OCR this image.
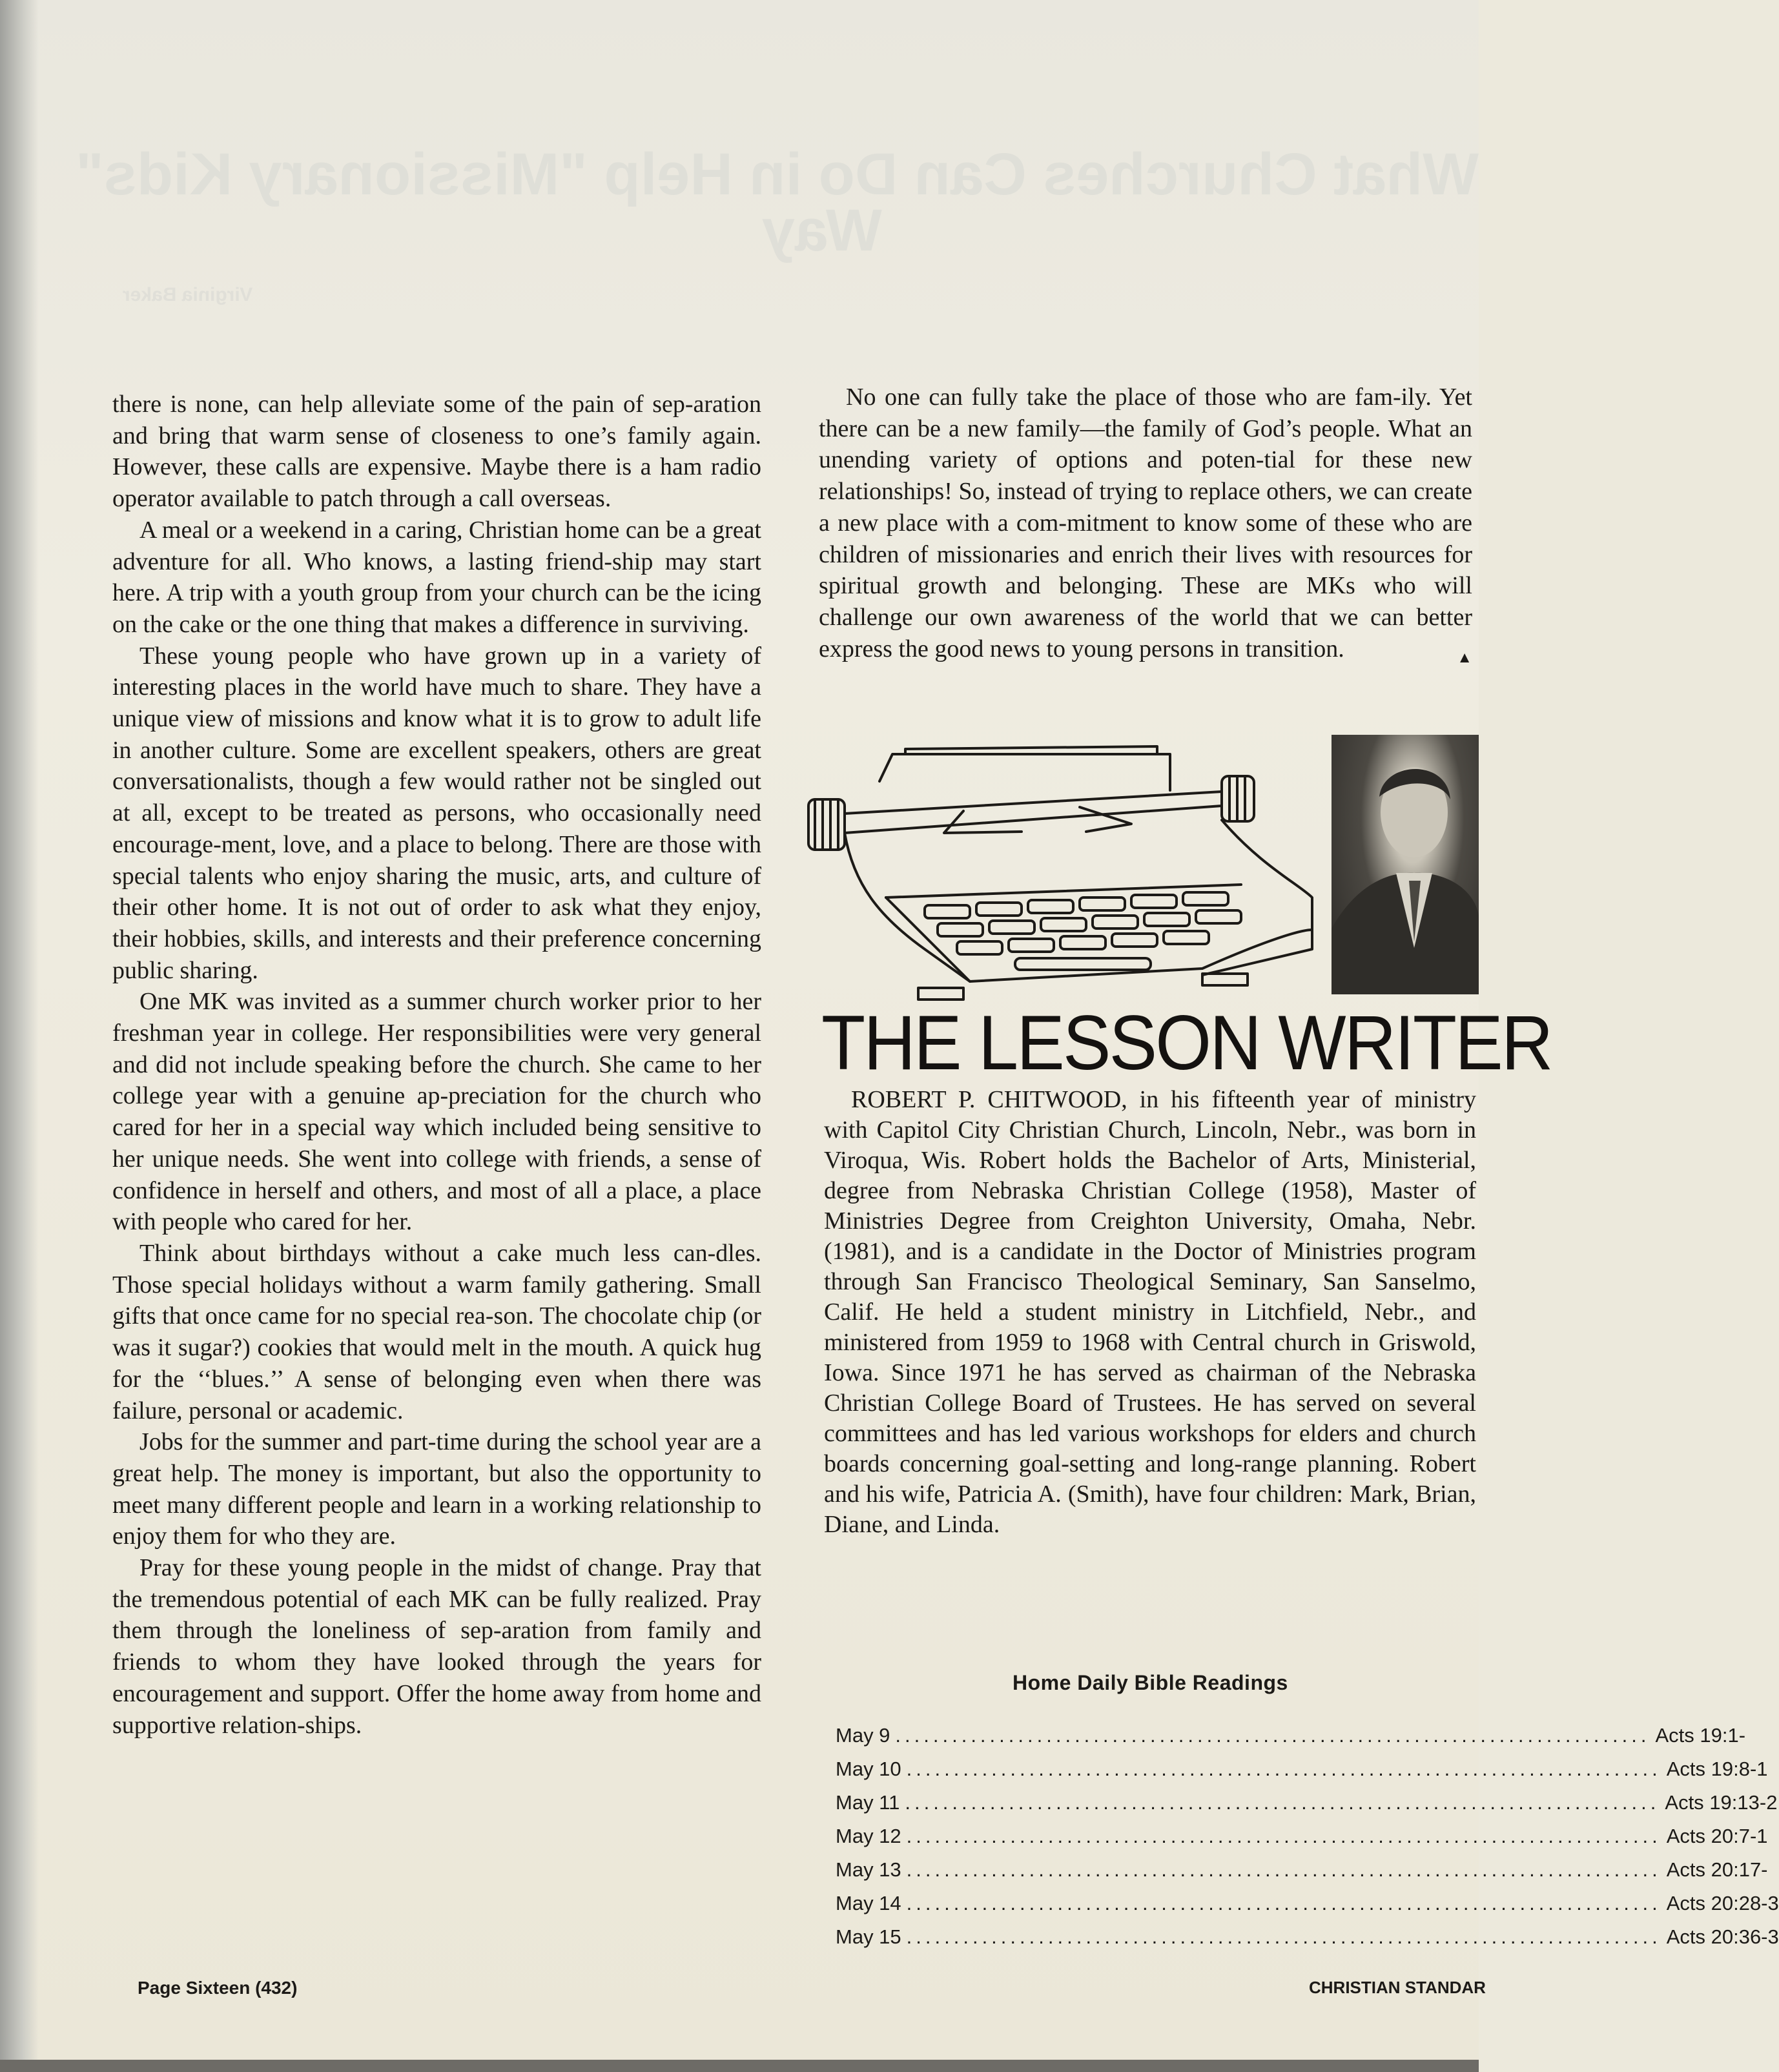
What Churches Can Do in Help "Missionary Kids"
Way
Virginia Baker

there is none, can help alleviate some of the pain of sep-aration and bring that warm sense of closeness to one’s family again. However, these calls are expensive. Maybe there is a ham radio operator available to patch through a call overseas.

A meal or a weekend in a caring, Christian home can be a great adventure for all. Who knows, a lasting friend-ship may start here. A trip with a youth group from your church can be the icing on the cake or the one thing that makes a difference in surviving.

These young people who have grown up in a variety of interesting places in the world have much to share. They have a unique view of missions and know what it is to grow to adult life in another culture. Some are excellent speakers, others are great conversationalists, though a few would rather not be singled out at all, except to be treated as persons, who occasionally need encourage-ment, love, and a place to belong. There are those with special talents who enjoy sharing the music, arts, and culture of their other home. It is not out of order to ask what they enjoy, their hobbies, skills, and interests and their preference concerning public sharing.

One MK was invited as a summer church worker prior to her freshman year in college. Her responsibilities were very general and did not include speaking before the church. She came to her college year with a genuine ap-preciation for the church who cared for her in a special way which included being sensitive to her unique needs. She went into college with friends, a sense of confidence in herself and others, and most of all a place, a place with people who cared for her.

Think about birthdays without a cake much less can-dles. Those special holidays without a warm family gathering. Small gifts that once came for no special rea-son. The chocolate chip (or was it sugar?) cookies that would melt in the mouth. A quick hug for the ‘‘blues.’’ A sense of belonging even when there was failure, personal or academic.

Jobs for the summer and part-time during the school year are a great help. The money is important, but also the opportunity to meet many different people and learn in a working relationship to enjoy them for who they are.

Pray for these young people in the midst of change. Pray that the tremendous potential of each MK can be fully realized. Pray them through the loneliness of sep-aration from family and friends to whom they have looked through the years for encouragement and support. Offer the home away from home and supportive relation-ships.

No one can fully take the place of those who are fam-ily. Yet there can be a new family—the family of God’s people. What an unending variety of options and poten-tial for these new relationships! So, instead of trying to replace others, we can create a new place with a com-mitment to know some of these who are children of missionaries and enrich their lives with resources for spiritual growth and belonging. These are MKs who will challenge our own awareness of the world that we can better express the good news to young persons in transition.	▲

THE LESSON WRITER

ROBERT P. CHITWOOD, in his fifteenth year of ministry with Capitol City Christian Church, Lincoln, Nebr., was born in Viroqua, Wis. Robert holds the Bachelor of Arts, Ministerial, degree from Nebraska Christian College (1958), Master of Ministries Degree from Creighton University, Omaha, Nebr. (1981), and is a candidate in the Doctor of Ministries program through San Francisco Theological Seminary, San Sanselmo, Calif. He held a student ministry in Litchfield, Nebr., and ministered from 1959 to 1968 with Central church in Griswold, Iowa. Since 1971 he has served as chairman of the Nebraska Christian College Board of Trustees. He has served on several committees and has led various workshops for elders and church boards concerning goal-setting and long-range planning. Robert and his wife, Patricia A. (Smith), have four children: Mark, Brian, Diane, and Linda.

Home Daily Bible Readings
May 9 ................................................................................ Acts 19:1-
May 10 ................................................................................ Acts 19:8-1
May 11 ................................................................................ Acts 19:13-2
May 12 ................................................................................ Acts 20:7-1
May 13 ................................................................................ Acts 20:17-
May 14 ................................................................................ Acts 20:28-3
May 15 ................................................................................ Acts 20:36-3
Page Sixteen (432)	CHRISTIAN STANDAR
